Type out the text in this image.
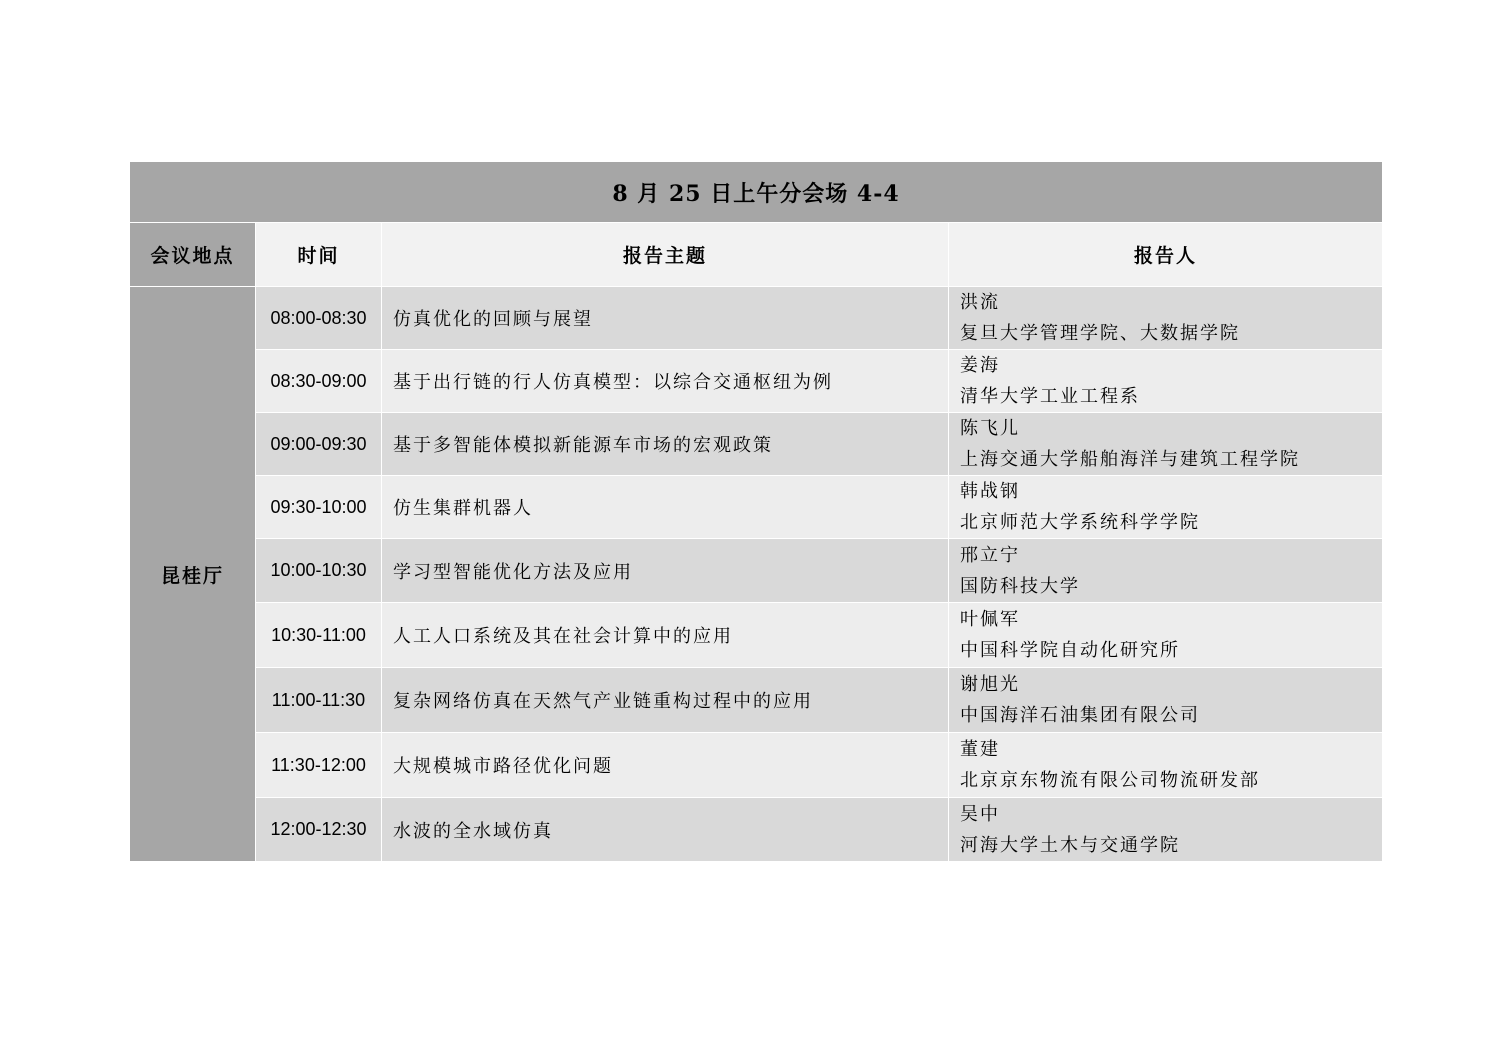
8 月 25 日上午分会场 4-4			
会议地点	时间	报告主题	报告人
昆桂厅	08:00-08:30	仿真优化的回顾与展望	洪流
复旦大学管理学院、大数据学院

	08:30-09:00	基于出行链的行人仿真模型：以综合交通枢纽为例	姜海
清华大学工业工程系

	09:00-09:30	基于多智能体模拟新能源车市场的宏观政策	陈飞儿
上海交通大学船舶海洋与建筑工程学院

	09:30-10:00	仿生集群机器人	韩战钢
北京师范大学系统科学学院

	10:00-10:30	学习型智能优化方法及应用	邢立宁
国防科技大学

	10:30-11:00	人工人口系统及其在社会计算中的应用	叶佩军
中国科学院自动化研究所

	11:00-11:30	复杂网络仿真在天然气产业链重构过程中的应用	谢旭光
中国海洋石油集团有限公司

	11:30-12:00	大规模城市路径优化问题	董建
北京京东物流有限公司物流研发部

	12:00-12:30	水波的全水域仿真	吴中
河海大学土木与交通学院
